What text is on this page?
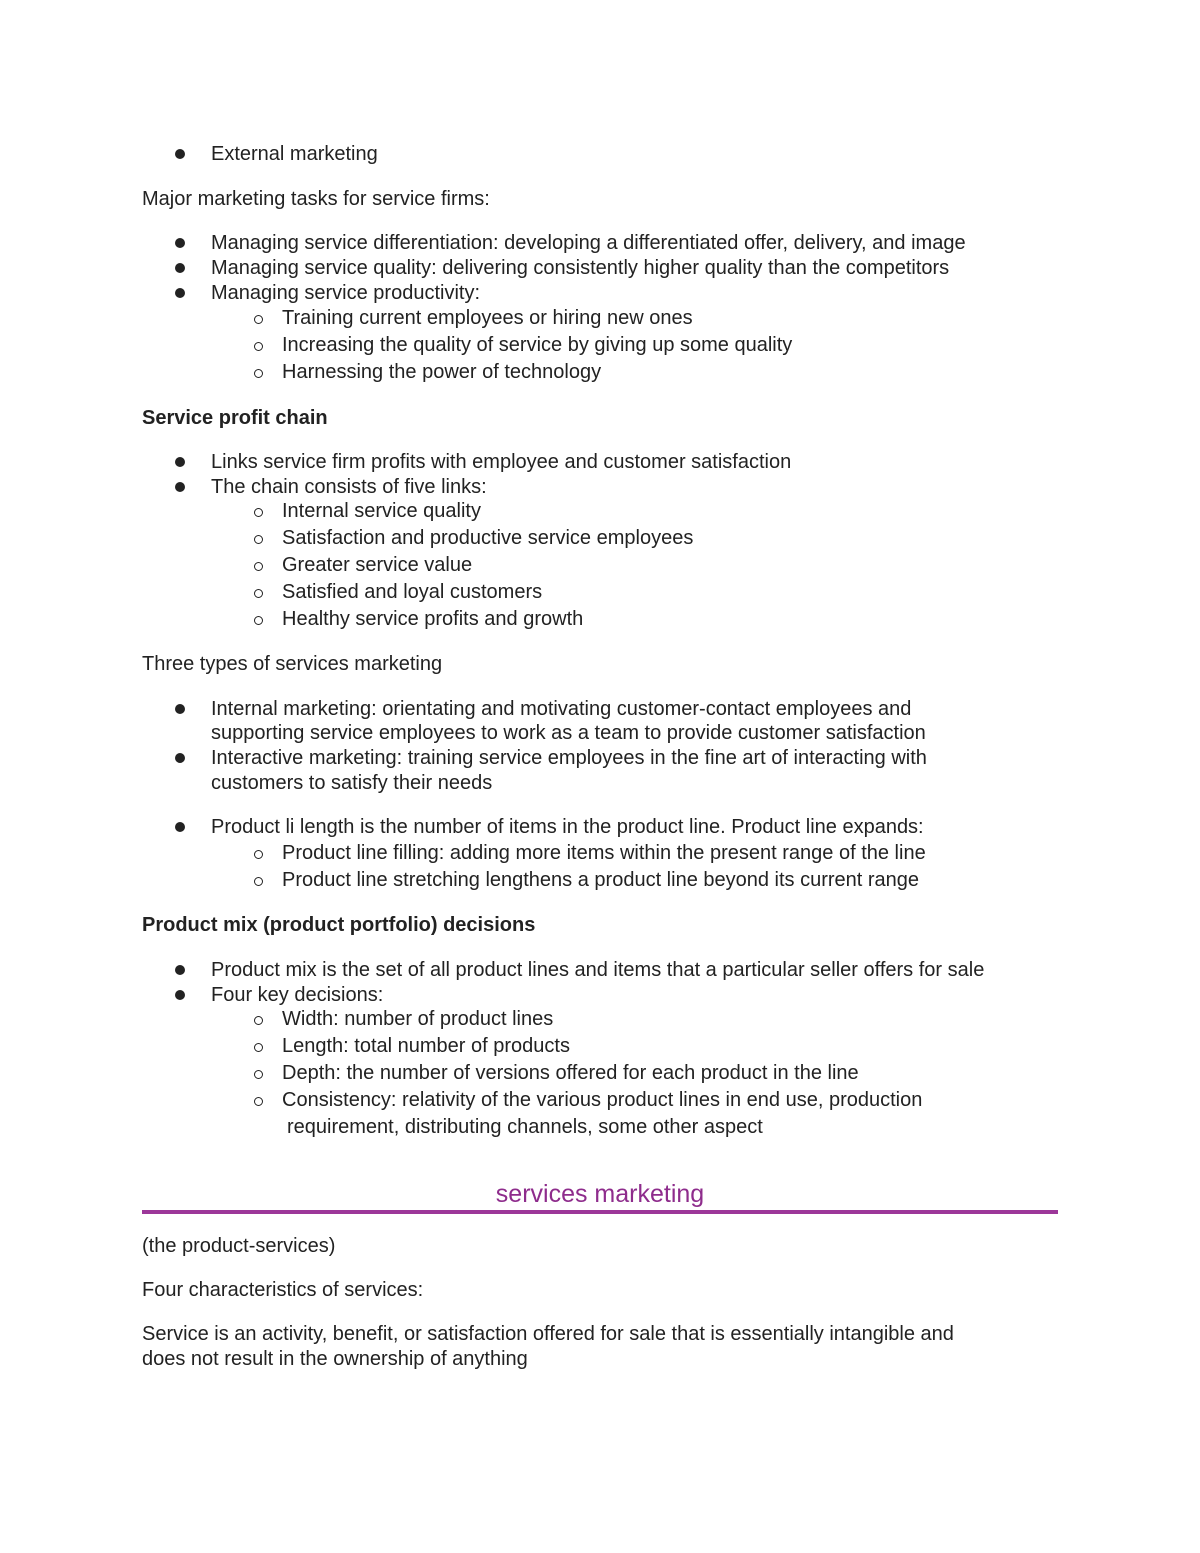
External marketing
Major marketing tasks for service firms:
Managing service differentiation: developing a differentiated offer, delivery, and image
Managing service quality: delivering consistently higher quality than the competitors
Managing service productivity:
Training current employees or hiring new ones
Increasing the quality of service by giving up some quality
Harnessing the power of technology
Service profit chain
Links service firm profits with employee and customer satisfaction
The chain consists of five links:
Internal service quality
Satisfaction and productive service employees
Greater service value
Satisfied and loyal customers
Healthy service profits and growth
Three types of services marketing
Internal marketing: orientating and motivating customer-contact employees and
supporting service employees to work as a team to provide customer satisfaction
Interactive marketing: training service employees in the fine art of interacting with
customers to satisfy their needs
Product li length is the number of items in the product line. Product line expands:
Product line filling: adding more items within the present range of the line
Product line stretching lengthens a product line beyond its current range
Product mix (product portfolio) decisions
Product mix is the set of all product lines and items that a particular seller offers for sale
Four key decisions:
Width: number of product lines
Length: total number of products
Depth: the number of versions offered for each product in the line
Consistency: relativity of the various product lines in end use, production
requirement, distributing channels, some other aspect
services marketing
(the product-services)
Four characteristics of services:
Service is an activity, benefit, or satisfaction offered for sale that is essentially intangible and
does not result in the ownership of anything
